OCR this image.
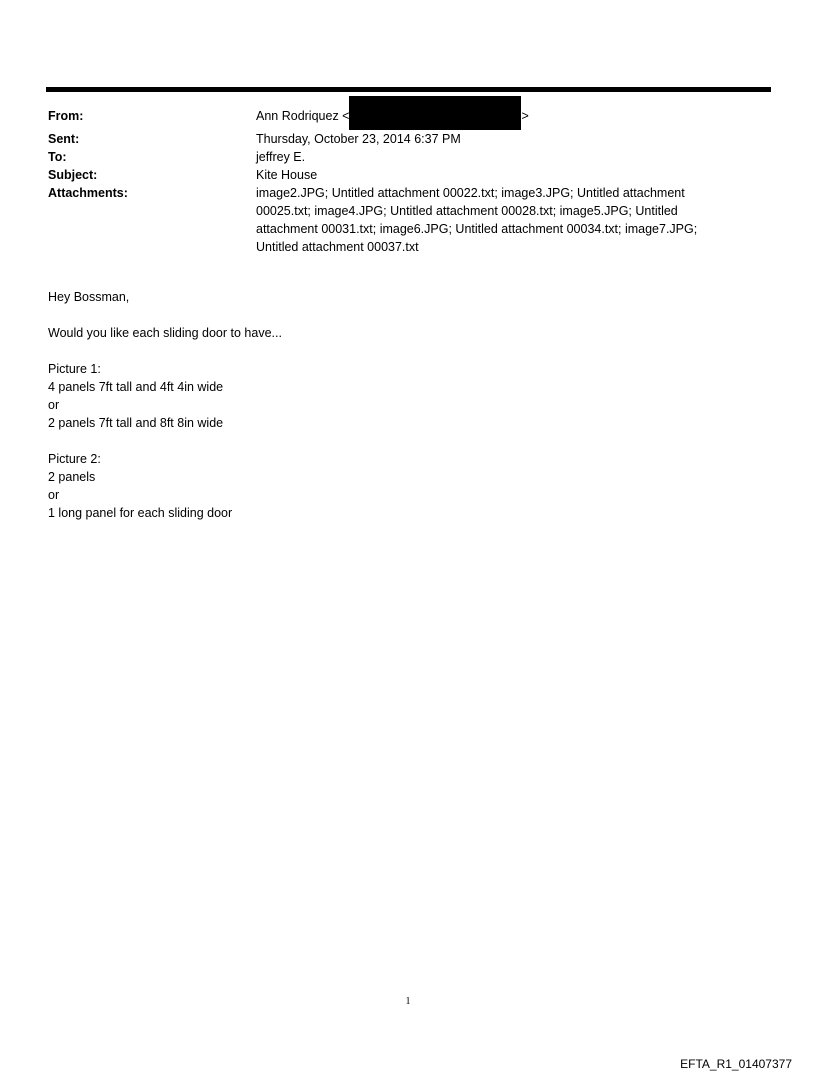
From:	Ann Rodriquez <	>
Sent:	Thursday, October 23, 2014 6:37 PM
To:	jeffrey E.
Subject:	Kite House
Attachments:	image2.JPG; Untitled attachment 00022.txt; image3.JPG; Untitled attachment
00025.txt; image4.JPG; Untitled attachment 00028.txt; image5.JPG; Untitled
attachment 00031.txt; image6.JPG; Untitled attachment 00034.txt; image7.JPG;
Untitled attachment 00037.txt
Hey Bossman,
Would you like each sliding door to have...
Picture 1:
4 panels 7ft tall and 4ft 4in wide
or
2 panels 7ft tall and 8ft 8in wide
Picture 2:
2 panels
or
1 long panel for each sliding door
1
EFTA_R1_01407377
